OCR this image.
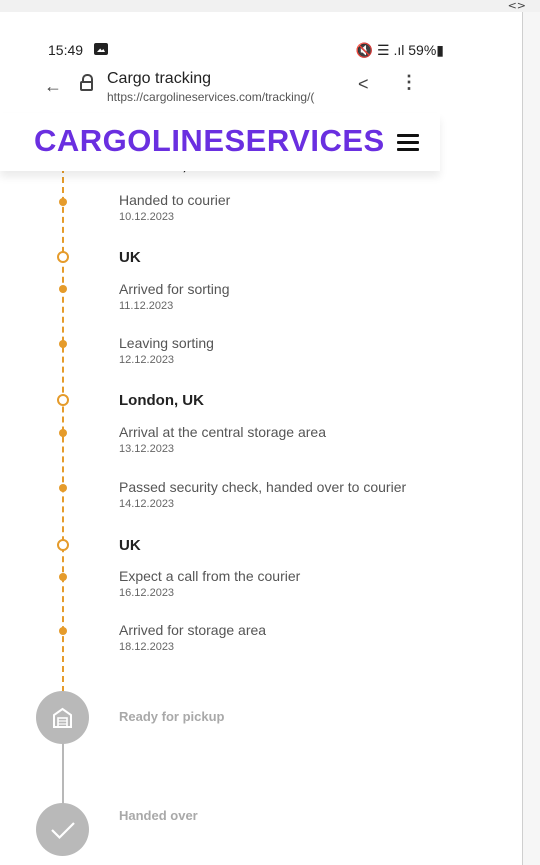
<>
15:49	🔇 ☰ .ıl 59%▮
←	Cargo tracking
https://cargolineservices.com/tracking/(
< ⋮
CARGOLINESERVICES
Handed to courier
10.12.2023
UK
Arrived for sorting
11.12.2023
Leaving sorting
12.12.2023
London, UK
Arrival at the central storage area
13.12.2023
Passed security check, handed over to courier
14.12.2023
UK
Expect a call from the courier
16.12.2023
Arrived for storage area
18.12.2023
Ready for pickup
Handed over
